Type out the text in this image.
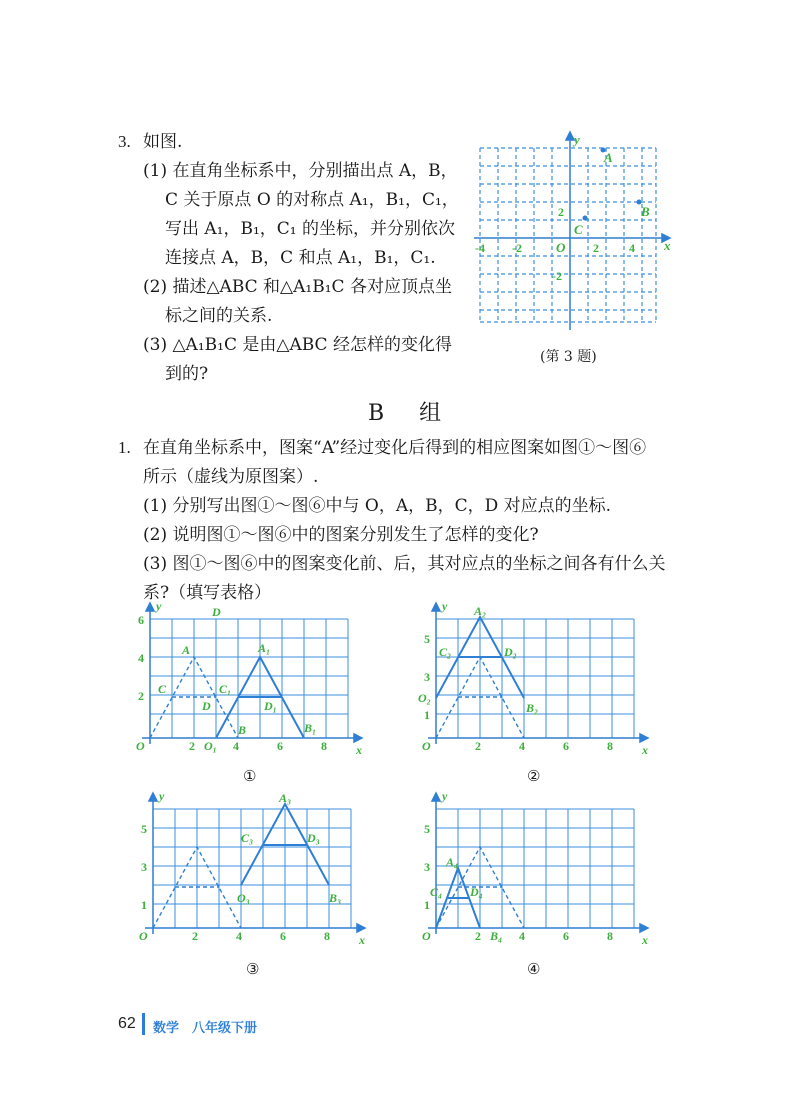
3. 如图.
(1) 在直角坐标系中，分别描出点 A，B，
C 关于原点 O 的对称点 A₁，B₁，C₁，
写出 A₁，B₁，C₁ 的坐标，并分别依次
连接点 A，B，C 和点 A₁，B₁，C₁.
(2) 描述△ABC 和△A₁B₁C 各对应顶点坐
标之间的关系.
(3) △A₁B₁C 是由△ABC 经怎样的变化得
到的?
y
x
O
A
B
C
2
-2
-4 -2	2	4
(第 3 题)
B 组
1. 在直角坐标系中，图案“A”经过变化后得到的相应图案如图①～图⑥
所示（虚线为原图案）.
(1) 分别写出图①～图⑥中与 O，A，B，C，D 对应点的坐标.
(2) 说明图①～图⑥中的图案分别发生了怎样的变化?
(3) 图①～图⑥中的图案变化前、后，其对应点的坐标之间各有什么关
系?（填写表格）
y
x
O
D
A	A₁
C	C₁
D₁
D
B	B₁
O₁
6
4
2
2	4	6	8
①
y
x
O
O₂
A₂
C₂	D₂
B₂
5
3
1
2	4	6	8
②
y
x
O
O₃
A₃
C₃	D₃
B₃
5
3
1
2	4	6	8
③
y
x
O
A₄
C₄ D₄
B₄
5
3
1
2	4	6	8
④
62 数学　八年级下册
